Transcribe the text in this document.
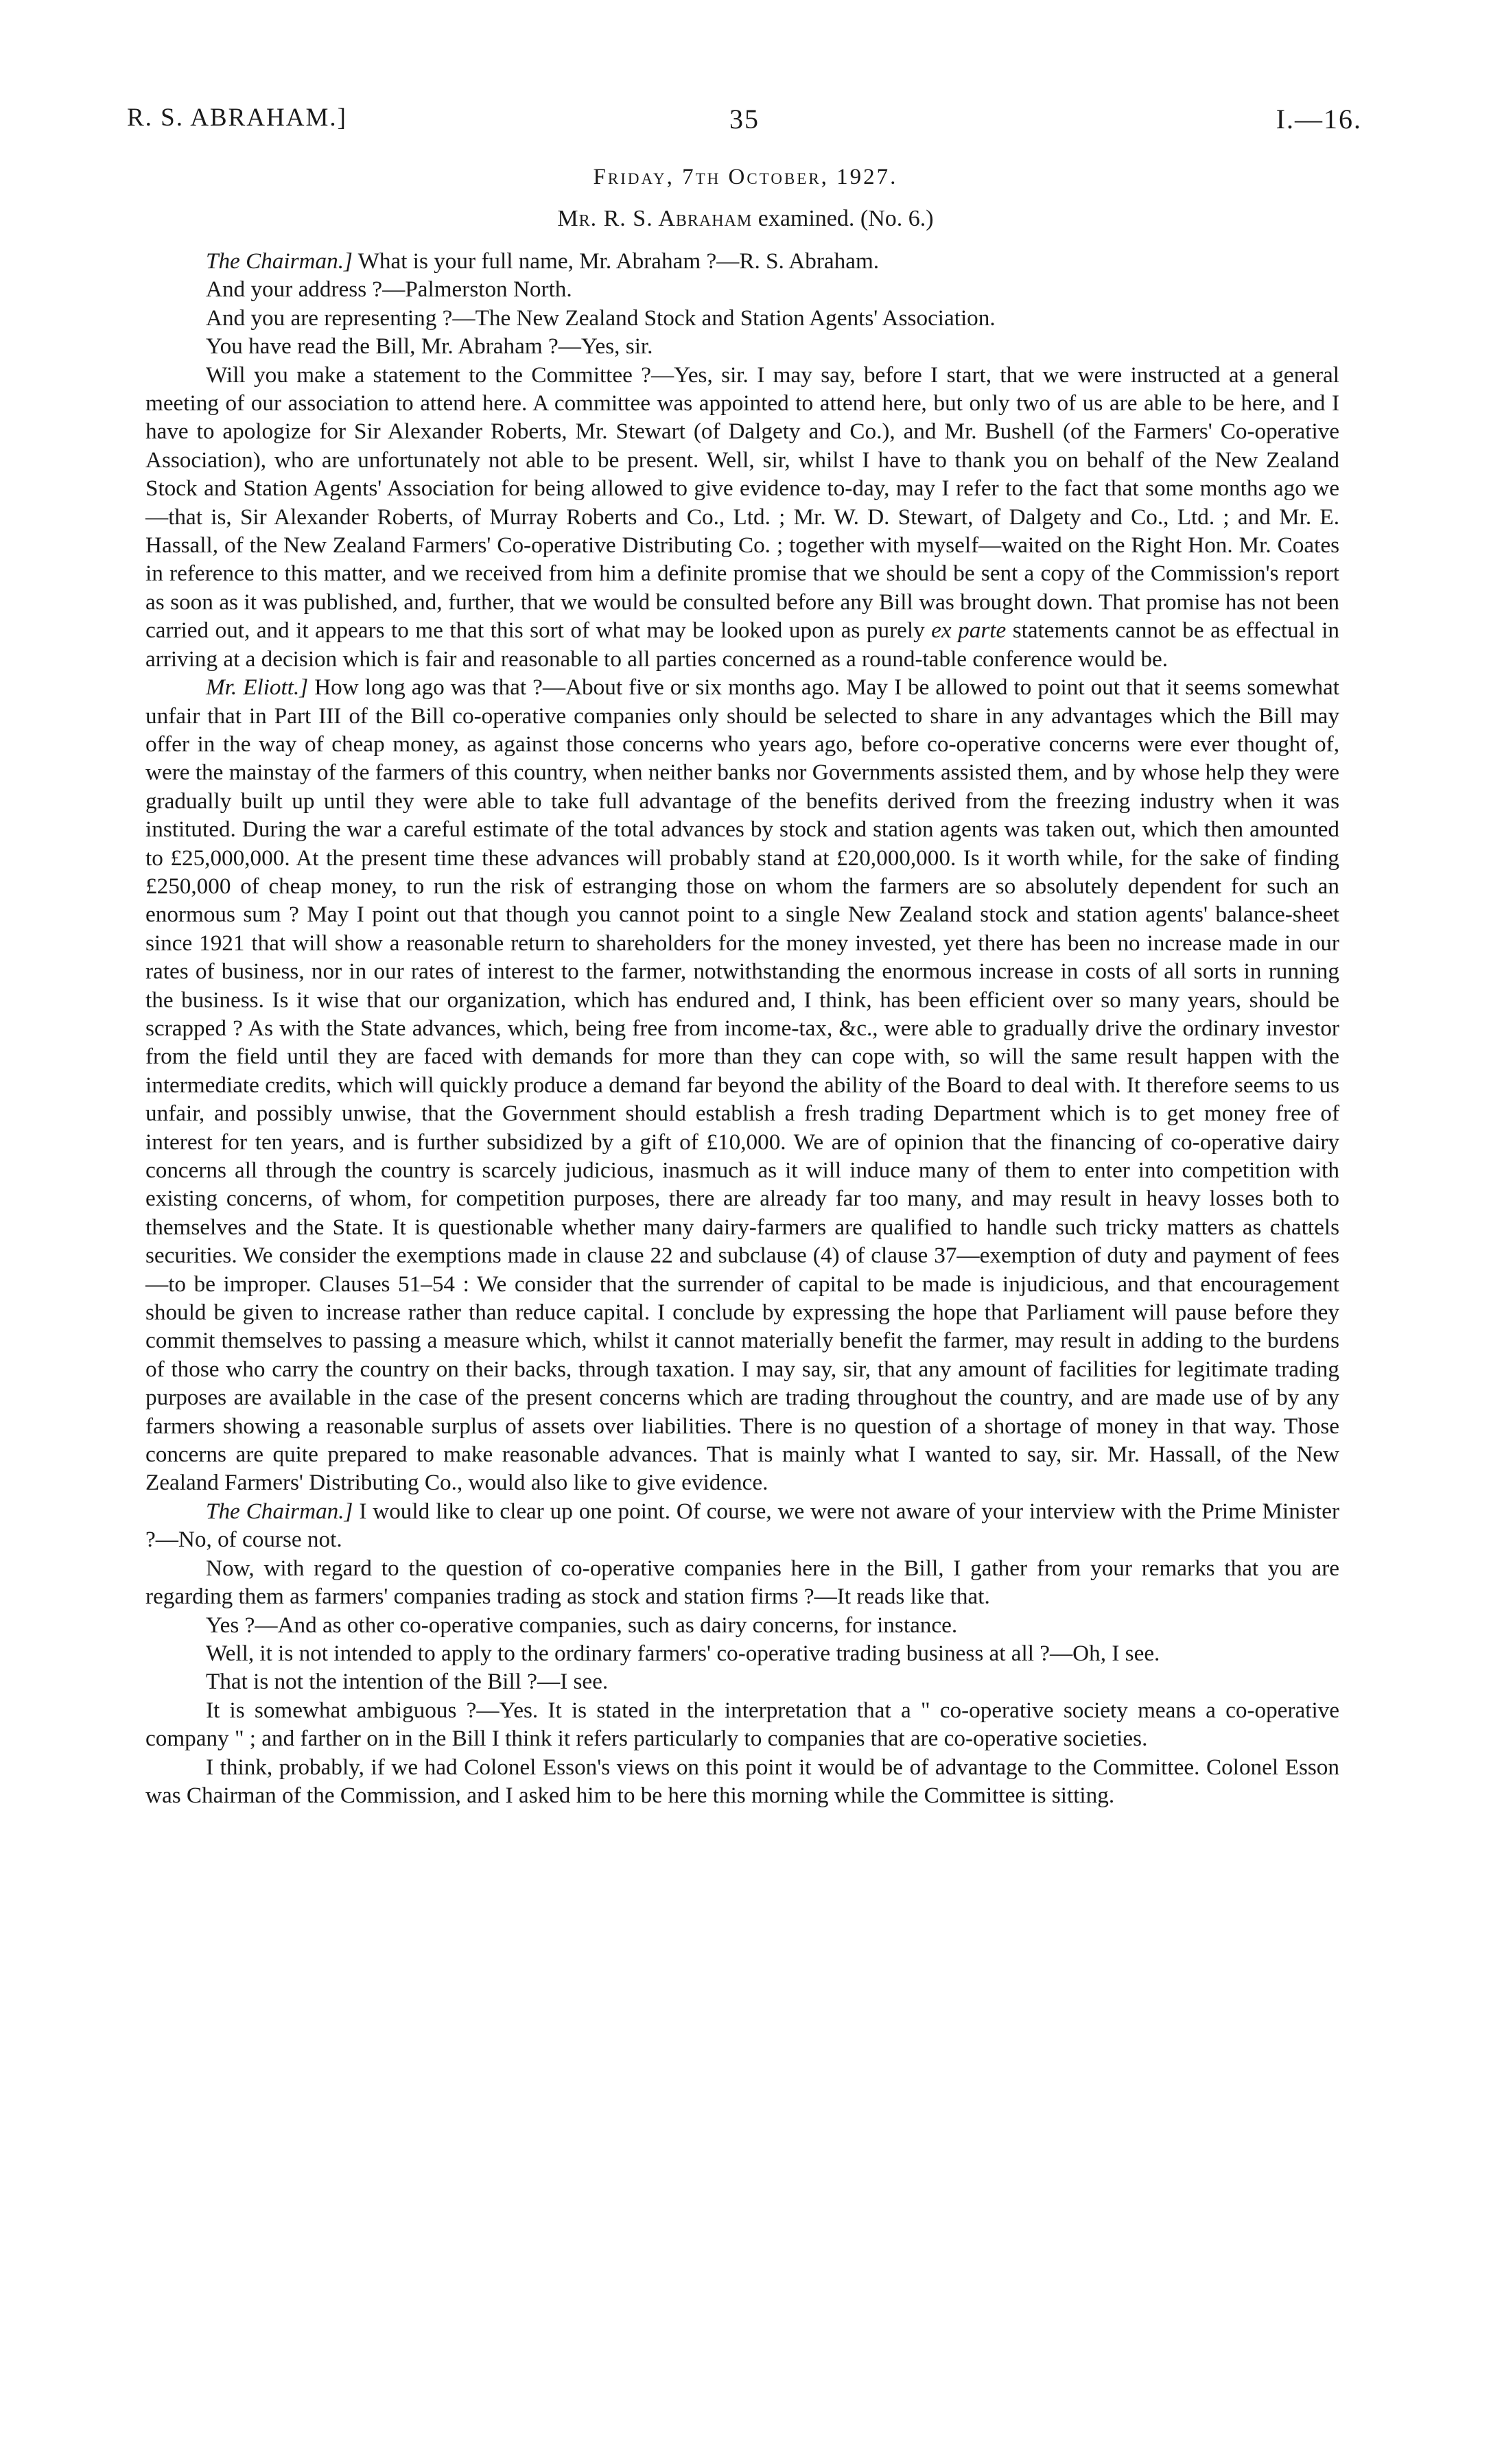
R. S. ABRAHAM.]	35	I.—16.
Friday, 7th October, 1927.
Mr. R. S. Abraham examined. (No. 6.)

The Chairman.] What is your full name, Mr. Abraham ?—R. S. Abraham.

And your address ?—Palmerston North.

And you are representing ?—The New Zealand Stock and Station Agents' Association.

You have read the Bill, Mr. Abraham ?—Yes, sir.

Will you make a statement to the Committee ?—Yes, sir. I may say, before I start, that we were instructed at a general meeting of our association to attend here. A committee was appointed to attend here, but only two of us are able to be here, and I have to apologize for Sir Alexander Roberts, Mr. Stewart (of Dalgety and Co.), and Mr. Bushell (of the Farmers' Co-operative Association), who are unfortunately not able to be present. Well, sir, whilst I have to thank you on behalf of the New Zealand Stock and Station Agents' Association for being allowed to give evidence to-day, may I refer to the fact that some months ago we—that is, Sir Alexander Roberts, of Murray Roberts and Co., Ltd. ; Mr. W. D. Stewart, of Dalgety and Co., Ltd. ; and Mr. E. Hassall, of the New Zealand Farmers' Co-operative Distributing Co. ; together with myself—waited on the Right Hon. Mr. Coates in reference to this matter, and we received from him a definite promise that we should be sent a copy of the Commission's report as soon as it was published, and, further, that we would be consulted before any Bill was brought down. That promise has not been carried out, and it appears to me that this sort of what may be looked upon as purely ex parte statements cannot be as effectual in arriving at a decision which is fair and reasonable to all parties concerned as a round-table conference would be.

Mr. Eliott.] How long ago was that ?—About five or six months ago. May I be allowed to point out that it seems somewhat unfair that in Part III of the Bill co-operative companies only should be selected to share in any advantages which the Bill may offer in the way of cheap money, as against those concerns who years ago, before co-operative concerns were ever thought of, were the mainstay of the farmers of this country, when neither banks nor Governments assisted them, and by whose help they were gradually built up until they were able to take full advantage of the benefits derived from the freezing industry when it was instituted. During the war a careful estimate of the total advances by stock and station agents was taken out, which then amounted to £25,000,000. At the present time these advances will probably stand at £20,000,000. Is it worth while, for the sake of finding £250,000 of cheap money, to run the risk of estranging those on whom the farmers are so absolutely dependent for such an enormous sum ? May I point out that though you cannot point to a single New Zealand stock and station agents' balance-sheet since 1921 that will show a reasonable return to shareholders for the money invested, yet there has been no increase made in our rates of business, nor in our rates of interest to the farmer, notwithstanding the enormous increase in costs of all sorts in running the business. Is it wise that our organization, which has endured and, I think, has been efficient over so many years, should be scrapped ? As with the State advances, which, being free from income-tax, &c., were able to gradually drive the ordinary investor from the field until they are faced with demands for more than they can cope with, so will the same result happen with the intermediate credits, which will quickly produce a demand far beyond the ability of the Board to deal with. It therefore seems to us unfair, and possibly unwise, that the Government should establish a fresh trading Department which is to get money free of interest for ten years, and is further subsidized by a gift of £10,000. We are of opinion that the financing of co-operative dairy concerns all through the country is scarcely judicious, inasmuch as it will induce many of them to enter into competition with existing concerns, of whom, for competition purposes, there are already far too many, and may result in heavy losses both to themselves and the State. It is questionable whether many dairy-farmers are qualified to handle such tricky matters as chattels securities. We consider the exemptions made in clause 22 and subclause (4) of clause 37—exemption of duty and payment of fees—to be improper. Clauses 51–54 : We consider that the surrender of capital to be made is injudicious, and that encouragement should be given to increase rather than reduce capital. I conclude by expressing the hope that Parliament will pause before they commit themselves to passing a measure which, whilst it cannot materially benefit the farmer, may result in adding to the burdens of those who carry the country on their backs, through taxation. I may say, sir, that any amount of facilities for legitimate trading purposes are available in the case of the present concerns which are trading throughout the country, and are made use of by any farmers showing a reasonable surplus of assets over liabilities. There is no question of a shortage of money in that way. Those concerns are quite prepared to make reasonable advances. That is mainly what I wanted to say, sir. Mr. Hassall, of the New Zealand Farmers' Distributing Co., would also like to give evidence.

The Chairman.] I would like to clear up one point. Of course, we were not aware of your interview with the Prime Minister ?—No, of course not.

Now, with regard to the question of co-operative companies here in the Bill, I gather from your remarks that you are regarding them as farmers' companies trading as stock and station firms ?—It reads like that.

Yes ?—And as other co-operative companies, such as dairy concerns, for instance.

Well, it is not intended to apply to the ordinary farmers' co-operative trading business at all ?—Oh, I see.

That is not the intention of the Bill ?—I see.

It is somewhat ambiguous ?—Yes. It is stated in the interpretation that a " co-operative society means a co-operative company " ; and farther on in the Bill I think it refers particularly to companies that are co-operative societies.

I think, probably, if we had Colonel Esson's views on this point it would be of advantage to the Committee. Colonel Esson was Chairman of the Commission, and I asked him to be here this morning while the Committee is sitting.
